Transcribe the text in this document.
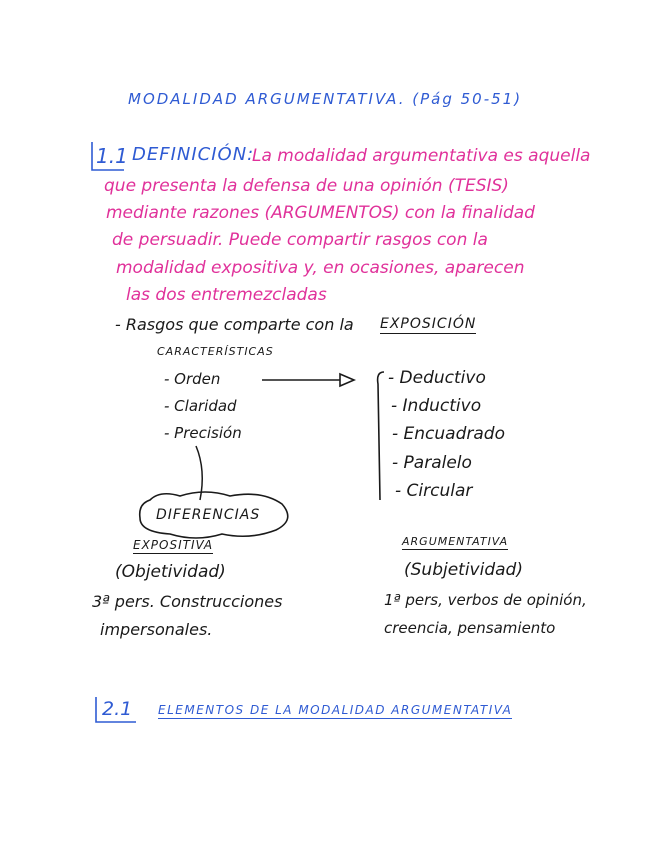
MODALIDAD ARGUMENTATIVA. (Pág 50-51)
1.1 DEFINICIÓN:
La modalidad argumentativa es aquella
que presenta la defensa de una opinión (TESIS)
mediante razones (ARGUMENTOS) con la finalidad
de persuadir. Puede compartir rasgos con la
modalidad expositiva y, en ocasiones, aparecen
las dos entremezcladas
- Rasgos que comparte con la EXPOSICIÓN
CARACTERÍSTICAS
- Orden
- Claridad
- Precisión
- Deductivo
- Inductivo
- Encuadrado
- Paralelo
- Circular
DIFERENCIAS
EXPOSITIVA
(Objetividad)
3ª pers. Construcciones
impersonales.
ARGUMENTATIVA
(Subjetividad)
1ª pers, verbos de opinión,
creencia, pensamiento
2.1 ELEMENTOS DE LA MODALIDAD ARGUMENTATIVA
